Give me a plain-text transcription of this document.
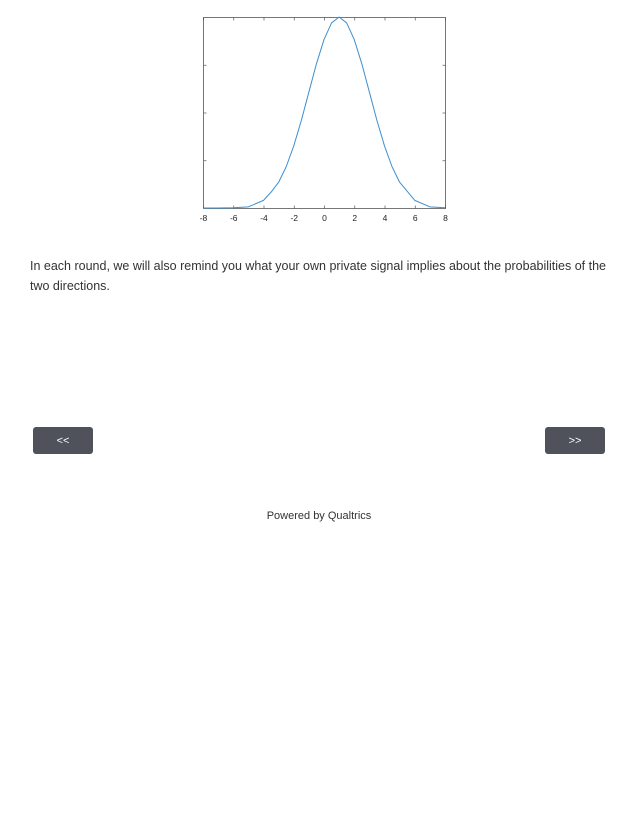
-8	-6	-4	-2	0	2	4	6	8
In each round, we will also remind you what your own private signal implies about the probabilities of the two directions.
<<	>>
Powered by Qualtrics
